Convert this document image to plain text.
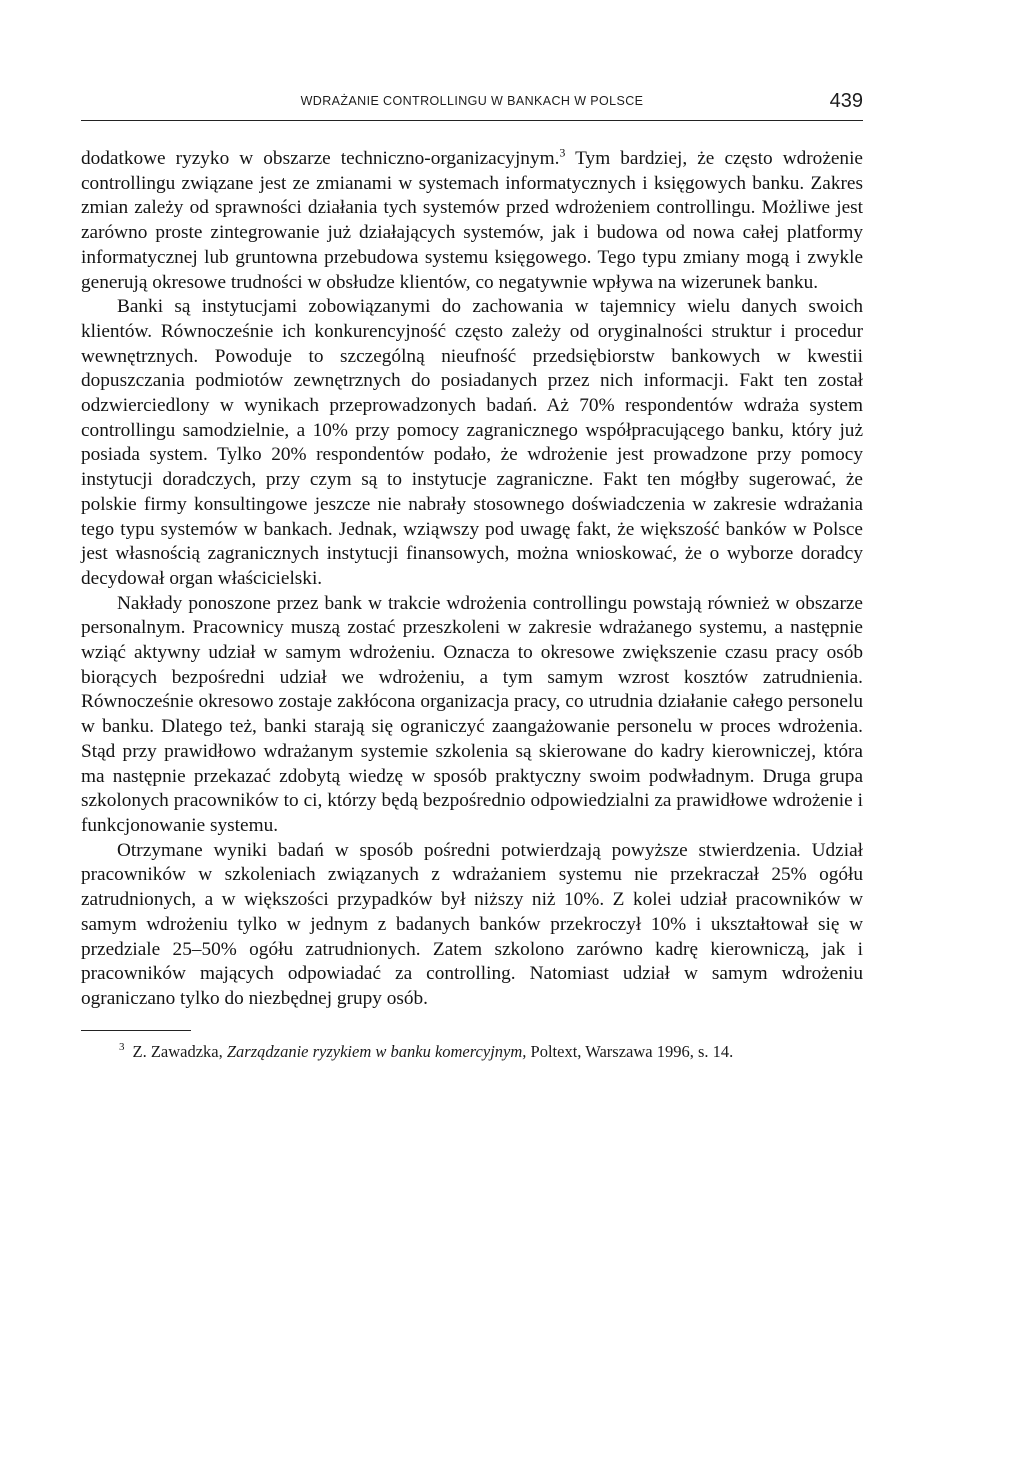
WDRAŻANIE CONTROLLINGU W BANKACH W POLSCE	439

dodatkowe ryzyko w obszarze techniczno-organizacyjnym.$^3$ Tym bardziej, że często wdrożenie controllingu związane jest ze zmianami w systemach informatycznych i księgowych banku. Zakres zmian zależy od sprawności działania tych systemów przed wdrożeniem controllingu. Możliwe jest zarówno proste zintegrowanie już działających systemów, jak i budowa od nowa całej platformy informatycznej lub gruntowna przebudowa systemu księgowego. Tego typu zmiany mogą i zwykle generują okresowe trudności w obsłudze klientów, co negatywnie wpływa na wizerunek banku.

Banki są instytucjami zobowiązanymi do zachowania w tajemnicy wielu danych swoich klientów. Równocześnie ich konkurencyjność często zależy od oryginalności struktur i procedur wewnętrznych. Powoduje to szczególną nieufność przedsiębiorstw bankowych w kwestii dopuszczania podmiotów zewnętrznych do posiadanych przez nich informacji. Fakt ten został odzwierciedlony w wynikach przeprowadzonych badań. Aż 70% respondentów wdraża system controllingu samodzielnie, a 10% przy pomocy zagranicznego współpracującego banku, który już posiada system. Tylko 20% respondentów podało, że wdrożenie jest prowadzone przy pomocy instytucji doradczych, przy czym są to instytucje zagraniczne. Fakt ten mógłby sugerować, że polskie firmy konsultingowe jeszcze nie nabrały stosownego doświadczenia w zakresie wdrażania tego typu systemów w bankach. Jednak, wziąwszy pod uwagę fakt, że większość banków w Polsce jest własnością zagranicznych instytucji finansowych, można wnioskować, że o wyborze doradcy decydował organ właścicielski.

Nakłady ponoszone przez bank w trakcie wdrożenia controllingu powstają również w obszarze personalnym. Pracownicy muszą zostać przeszkoleni w zakresie wdrażanego systemu, a następnie wziąć aktywny udział w samym wdrożeniu. Oznacza to okresowe zwiększenie czasu pracy osób biorących bezpośredni udział we wdrożeniu, a tym samym wzrost kosztów zatrudnienia. Równocześnie okresowo zostaje zakłócona organizacja pracy, co utrudnia działanie całego personelu w banku. Dlatego też, banki starają się ograniczyć zaangażowanie personelu w proces wdrożenia. Stąd przy prawidłowo wdrażanym systemie szkolenia są skierowane do kadry kierowniczej, która ma następnie przekazać zdobytą wiedzę w sposób praktyczny swoim podwładnym. Druga grupa szkolonych pracowników to ci, którzy będą bezpośrednio odpowiedzialni za prawidłowe wdrożenie i funkcjonowanie systemu.

Otrzymane wyniki badań w sposób pośredni potwierdzają powyższe stwierdzenia. Udział pracowników w szkoleniach związanych z wdrażaniem systemu nie przekraczał 25% ogółu zatrudnionych, a w większości przypadków był niższy niż 10%. Z kolei udział pracowników w samym wdrożeniu tylko w jednym z badanych banków przekroczył 10% i ukształtował się w przedziale 25–50% ogółu zatrudnionych. Zatem szkolono zarówno kadrę kierowniczą, jak i pracowników mających odpowiadać za controlling. Natomiast udział w samym wdrożeniu ograniczano tylko do niezbędnej grupy osób.

$^3$ Z. Zawadzka, Zarządzanie ryzykiem w banku komercyjnym, Poltext, Warszawa 1996, s. 14.
